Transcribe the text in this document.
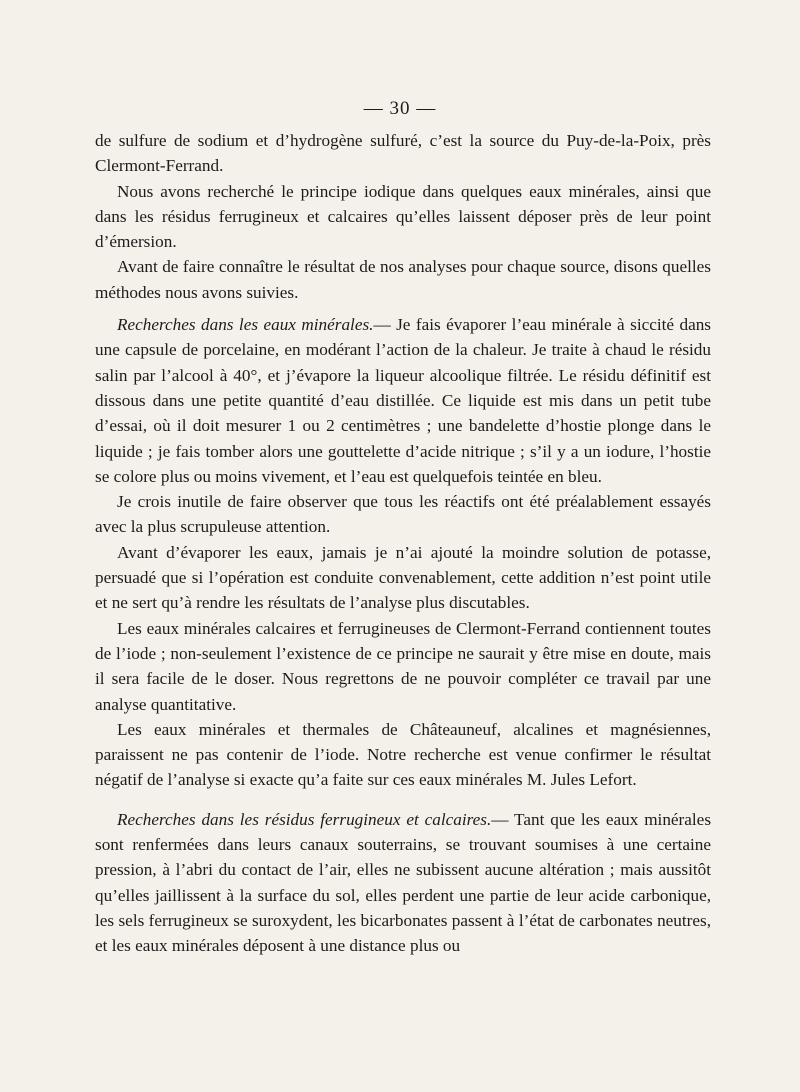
— 30 —

de sulfure de sodium et d’hydrogène sulfuré, c’est la source du Puy-de-la-Poix, près Clermont-Ferrand.

Nous avons recherché le principe iodique dans quelques eaux minérales, ainsi que dans les résidus ferrugineux et calcaires qu’elles laissent déposer près de leur point d’émersion.

Avant de faire connaître le résultat de nos analyses pour chaque source, disons quelles méthodes nous avons suivies.

Recherches dans les eaux minérales.— Je fais évaporer l’eau minérale à siccité dans une capsule de porcelaine, en modérant l’action de la chaleur. Je traite à chaud le résidu salin par l’alcool à 40°, et j’évapore la liqueur alcoolique filtrée. Le résidu définitif est dissous dans une petite quantité d’eau distillée. Ce liquide est mis dans un petit tube d’essai, où il doit mesurer 1 ou 2 centimètres ; une bandelette d’hostie plonge dans le liquide ; je fais tomber alors une gouttelette d’acide nitrique ; s’il y a un iodure, l’hostie se colore plus ou moins vivement, et l’eau est quelquefois teintée en bleu.

Je crois inutile de faire observer que tous les réactifs ont été préalablement essayés avec la plus scrupuleuse attention.

Avant d’évaporer les eaux, jamais je n’ai ajouté la moindre solution de potasse, persuadé que si l’opération est conduite convenablement, cette addition n’est point utile et ne sert qu’à rendre les résultats de l’analyse plus discutables.

Les eaux minérales calcaires et ferrugineuses de Clermont-Ferrand contiennent toutes de l’iode ; non-seulement l’existence de ce principe ne saurait y être mise en doute, mais il sera facile de le doser. Nous regrettons de ne pouvoir compléter ce travail par une analyse quantitative.

Les eaux minérales et thermales de Châteauneuf, alcalines et magnésiennes, paraissent ne pas contenir de l’iode. Notre recherche est venue confirmer le résultat négatif de l’analyse si exacte qu’a faite sur ces eaux minérales M. Jules Lefort.

Recherches dans les résidus ferrugineux et calcaires.— Tant que les eaux minérales sont renfermées dans leurs canaux souterrains, se trouvant soumises à une certaine pression, à l’abri du contact de l’air, elles ne subissent aucune altération ; mais aussitôt qu’elles jaillissent à la surface du sol, elles perdent une partie de leur acide carbonique, les sels ferrugineux se suroxydent, les bicarbonates passent à l’état de carbonates neutres, et les eaux minérales déposent à une distance plus ou
